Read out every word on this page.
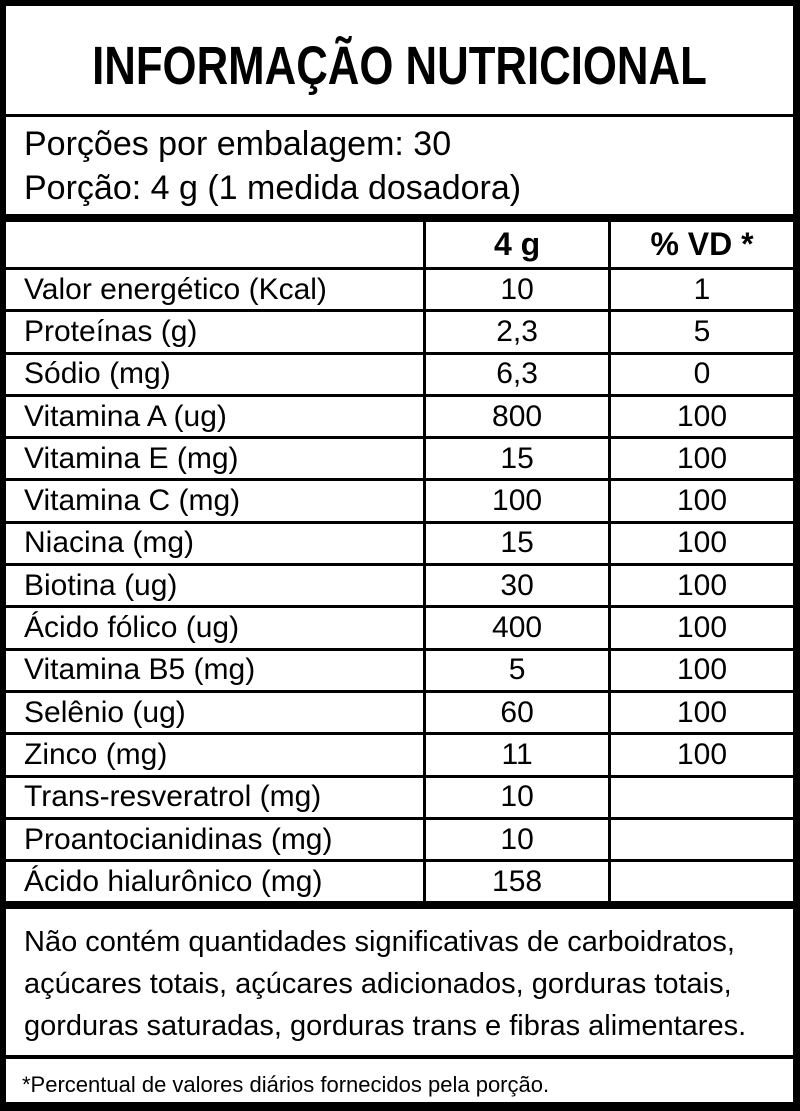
INFORMAÇÃO NUTRICIONAL
Porções por embalagem: 30
Porção: 4 g (1 medida dosadora)
	4 g	% VD *
Valor energético (Kcal)	10	1
Proteínas (g)	2,3	5
Sódio (mg)	6,3	0
Vitamina A (ug)	800	100
Vitamina E (mg)	15	100
Vitamina C (mg)	100	100
Niacina (mg)	15	100
Biotina (ug)	30	100
Ácido fólico (ug)	400	100
Vitamina B5 (mg)	5	100
Selênio (ug)	60	100
Zinco (mg)	11	100
Trans-resveratrol (mg)	10	
Proantocianidinas (mg)	10	
Ácido hialurônico (mg)	158	
Não contém quantidades significativas de carboidratos,
açúcares totais, açúcares adicionados, gorduras totais,
gorduras saturadas, gorduras trans e fibras alimentares.
*Percentual de valores diários fornecidos pela porção.
